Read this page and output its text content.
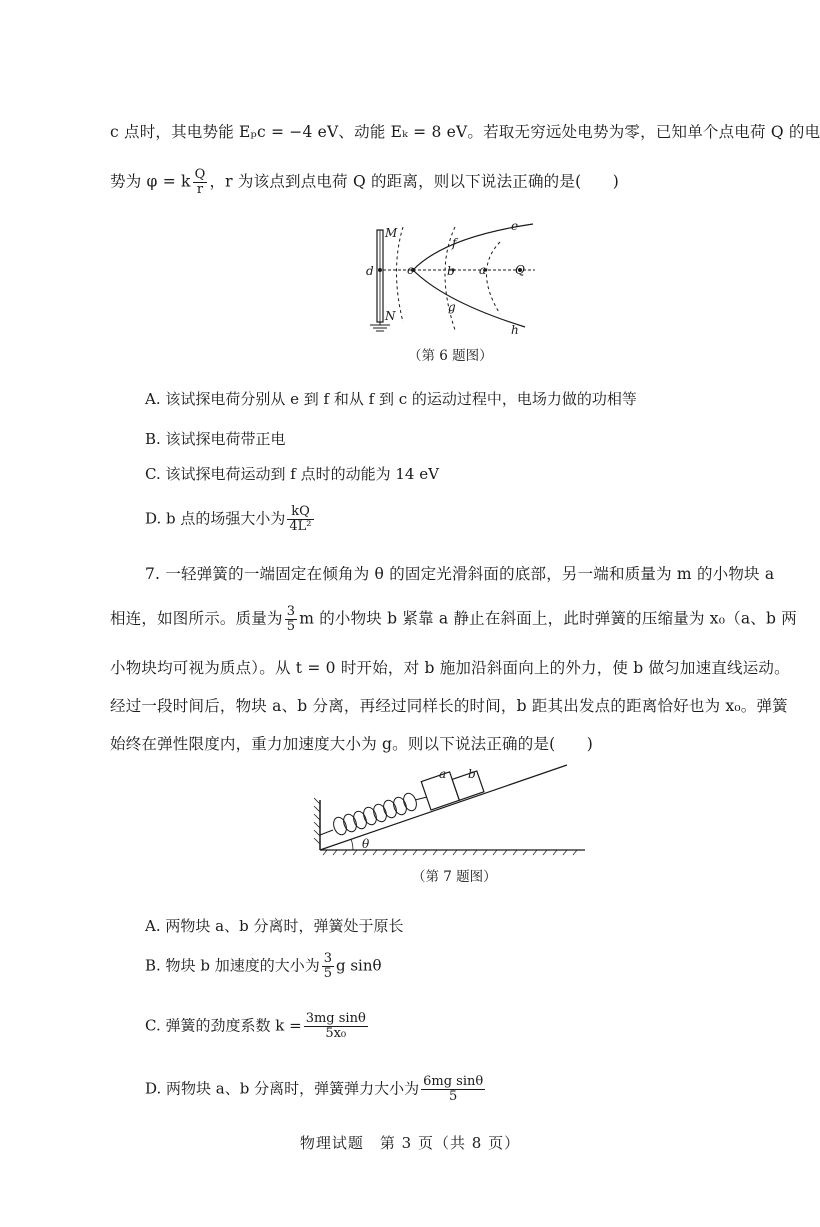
c 点时，其电势能 Eₚc = −4 eV、动能 Eₖ = 8 eV。若取无穷远处电势为零，已知单个点电荷 Q 的电
势为 φ = k $\frac{Q}{r}$ ，r 为该点到点电荷 Q 的距离，则以下说法正确的是(　　)
M
N
d	c	b a Q
e
f
g
h
（第 6 题图）
A. 该试探电荷分别从 e 到 f 和从 f 到 c 的运动过程中，电场力做的功相等
B. 该试探电荷带正电
C. 该试探电荷运动到 f 点时的动能为 14 eV
D. b 点的场强大小为 $\frac{kQ}{\text{4L²}}$
7. 一轻弹簧的一端固定在倾角为 θ 的固定光滑斜面的底部，另一端和质量为 m 的小物块 a
相连，如图所示。质量为 $\frac{3}{5}$ m 的小物块 b 紧靠 a 静止在斜面上，此时弹簧的压缩量为 x₀（a、b 两
小物块均可视为质点）。从 t = 0 时开始，对 b 施加沿斜面向上的外力，使 b 做匀加速直线运动。
经过一段时间后，物块 a、b 分离，再经过同样长的时间，b 距其出发点的距离恰好也为 x₀。弹簧
始终在弹性限度内，重力加速度大小为 g。则以下说法正确的是(　　)
a b
θ
（第 7 题图）
A. 两物块 a、b 分离时，弹簧处于原长
B. 物块 b 加速度的大小为 $\frac{3}{5}$ g sinθ
C. 弹簧的劲度系数 $k = \frac{\text{3mg sinθ}}{\text{5x₀}}$
D. 两物块 a、b 分离时，弹簧弹力大小为 $\frac{\text{6mg sinθ}}{5}$
物理试题　第 3 页（共 8 页）
